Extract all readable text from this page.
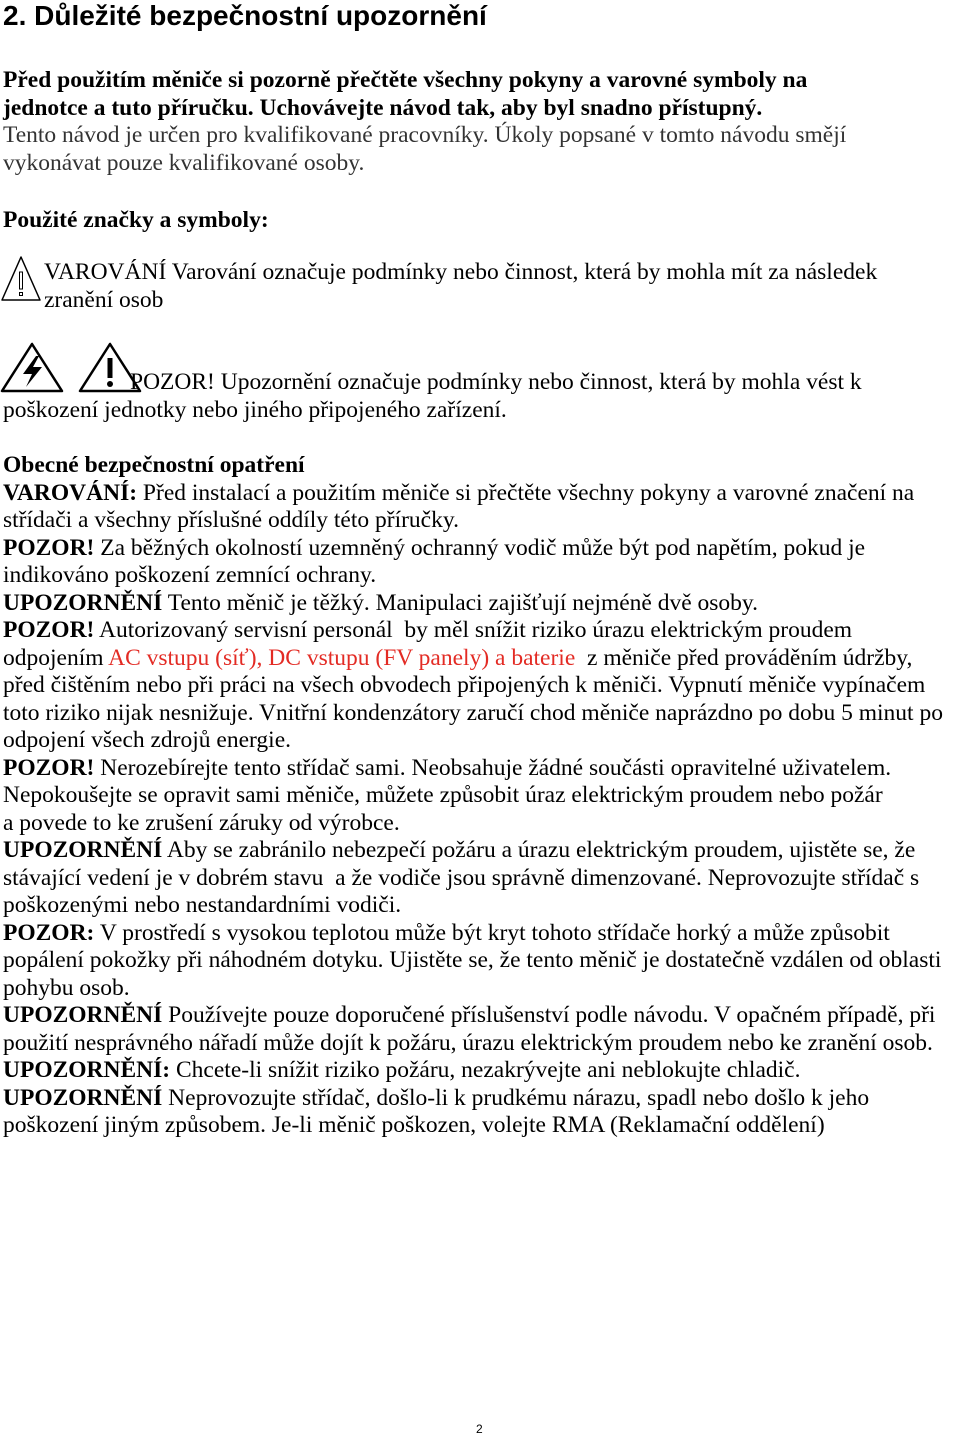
2. Důležité bezpečnostní upozornění
Před použitím měniče si pozorně přečtěte všechny pokyny a varovné symboly na
jednotce a tuto příručku. Uchovávejte návod tak, aby byl snadno přístupný.
Tento návod je určen pro kvalifikované pracovníky. Úkoly popsané v tomto návodu smějí
vykonávat pouze kvalifikované osoby.
Použité značky a symboly:
VAROVÁNÍ Varování označuje podmínky nebo činnost, která by mohla mít za následek
zranění osob
POZOR! Upozornění označuje podmínky nebo činnost, která by mohla vést k
poškození jednotky nebo jiného připojeného zařízení.
Obecné bezpečnostní opatření
VAROVÁNÍ: Před instalací a použitím měniče si přečtěte všechny pokyny a varovné značení na
střídači a všechny příslušné oddíly této příručky.
POZOR! Za běžných okolností uzemněný ochranný vodič může být pod napětím, pokud je
indikováno poškození zemnící ochrany.
UPOZORNĚNÍ Tento měnič je těžký. Manipulaci zajišťují nejméně dvě osoby.
POZOR! Autorizovaný servisní personál  by měl snížit riziko úrazu elektrickým proudem
odpojením AC vstupu (síť), DC vstupu (FV panely) a baterie  z měniče před prováděním údržby,
před čištěním nebo při práci na všech obvodech připojených k měniči. Vypnutí měniče vypínačem
toto riziko nijak nesnižuje. Vnitřní kondenzátory zaručí chod měniče naprázdno po dobu 5 minut po
odpojení všech zdrojů energie.
POZOR! Nerozebírejte tento střídač sami. Neobsahuje žádné součásti opravitelné uživatelem.
Nepokoušejte se opravit sami měniče, můžete způsobit úraz elektrickým proudem nebo požár
a povede to ke zrušení záruky od výrobce.
UPOZORNĚNÍ Aby se zabránilo nebezpečí požáru a úrazu elektrickým proudem, ujistěte se, že
stávající vedení je v dobrém stavu  a že vodiče jsou správně dimenzované. Neprovozujte střídač s
poškozenými nebo nestandardními vodiči.
POZOR: V prostředí s vysokou teplotou může být kryt tohoto střídače horký a může způsobit
popálení pokožky při náhodném dotyku. Ujistěte se, že tento měnič je dostatečně vzdálen od oblasti
pohybu osob.
UPOZORNĚNÍ Používejte pouze doporučené příslušenství podle návodu. V opačném případě, při
použití nesprávného nářadí může dojít k požáru, úrazu elektrickým proudem nebo ke zranění osob.
UPOZORNĚNÍ: Chcete-li snížit riziko požáru, nezakrývejte ani neblokujte chladič.
UPOZORNĚNÍ Neprovozujte střídač, došlo-li k prudkému nárazu, spadl nebo došlo k jeho
poškození jiným způsobem. Je-li měnič poškozen, volejte RMA (Reklamační oddělení)
2
